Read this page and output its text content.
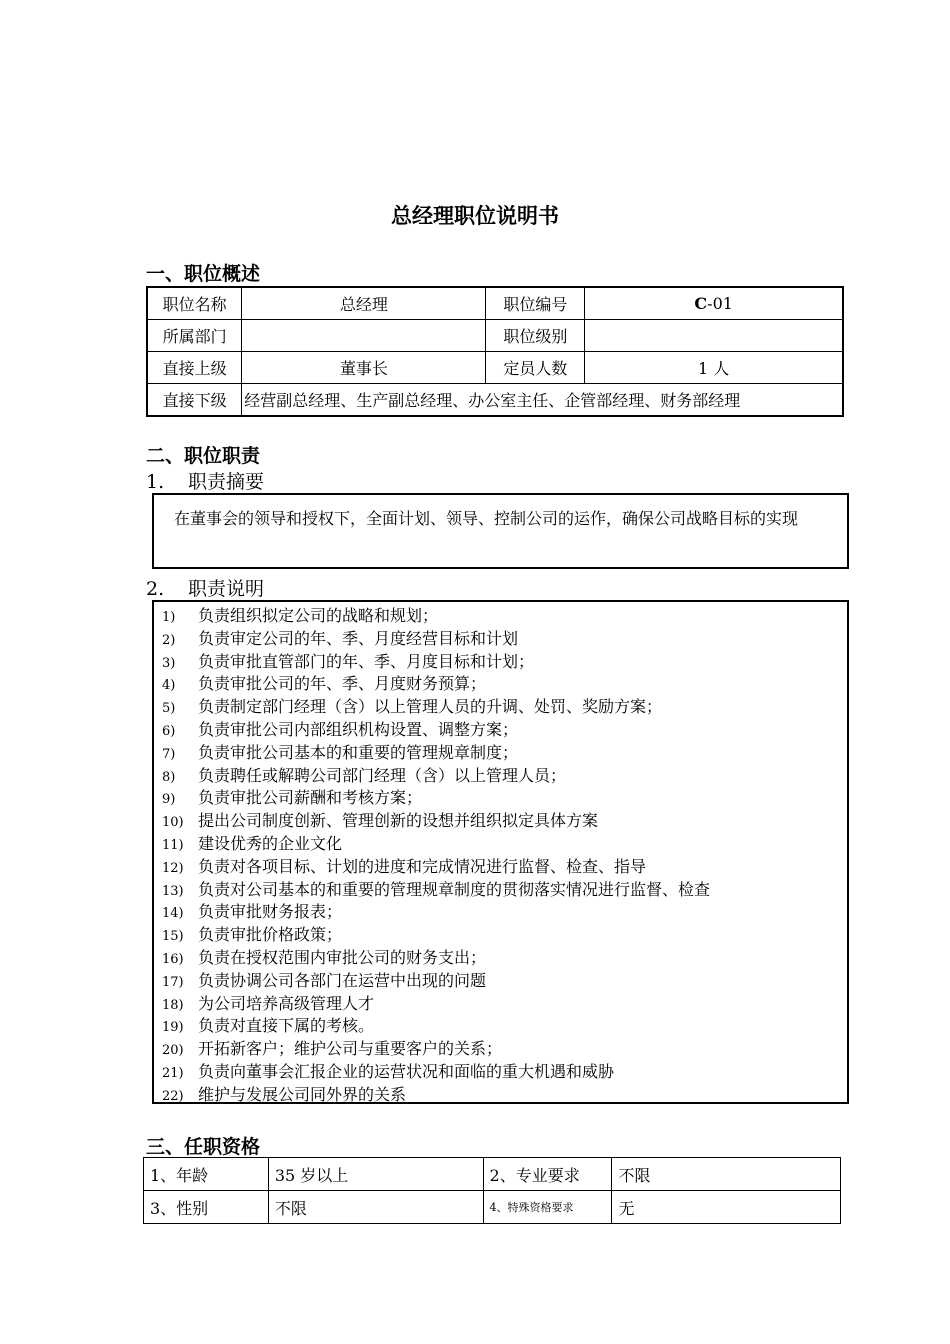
总经理职位说明书
一、职位概述
职位名称	总经理	职位编号	C-01
所属部门		职位级别	
直接上级	董事长	定员人数	1 人
直接下级	经营副总经理、生产副总经理、办公室主任、企管部经理、财务部经理		
二、职位职责
1. 职责摘要
在董事会的领导和授权下，全面计划、领导、控制公司的运作，确保公司战略目标的实现
2. 职责说明
1) 负责组织拟定公司的战略和规划；
2) 负责审定公司的年、季、月度经营目标和计划
3) 负责审批直管部门的年、季、月度目标和计划；
4) 负责审批公司的年、季、月度财务预算；
5) 负责制定部门经理（含）以上管理人员的升调、处罚、奖励方案；
6) 负责审批公司内部组织机构设置、调整方案；
7) 负责审批公司基本的和重要的管理规章制度；
8) 负责聘任或解聘公司部门经理（含）以上管理人员；
9) 负责审批公司薪酬和考核方案；
10) 提出公司制度创新、管理创新的设想并组织拟定具体方案
11) 建设优秀的企业文化
12) 负责对各项目标、计划的进度和完成情况进行监督、检查、指导
13) 负责对公司基本的和重要的管理规章制度的贯彻落实情况进行监督、检查
14) 负责审批财务报表；
15) 负责审批价格政策；
16) 负责在授权范围内审批公司的财务支出；
17) 负责协调公司各部门在运营中出现的问题
18) 为公司培养高级管理人才
19) 负责对直接下属的考核。
20) 开拓新客户；维护公司与重要客户的关系；
21) 负责向董事会汇报企业的运营状况和面临的重大机遇和威胁
22) 维护与发展公司同外界的关系
三、任职资格
1、年龄	35 岁以上	2、专业要求	不限
3、性别	不限	4、特殊资格要求	无
